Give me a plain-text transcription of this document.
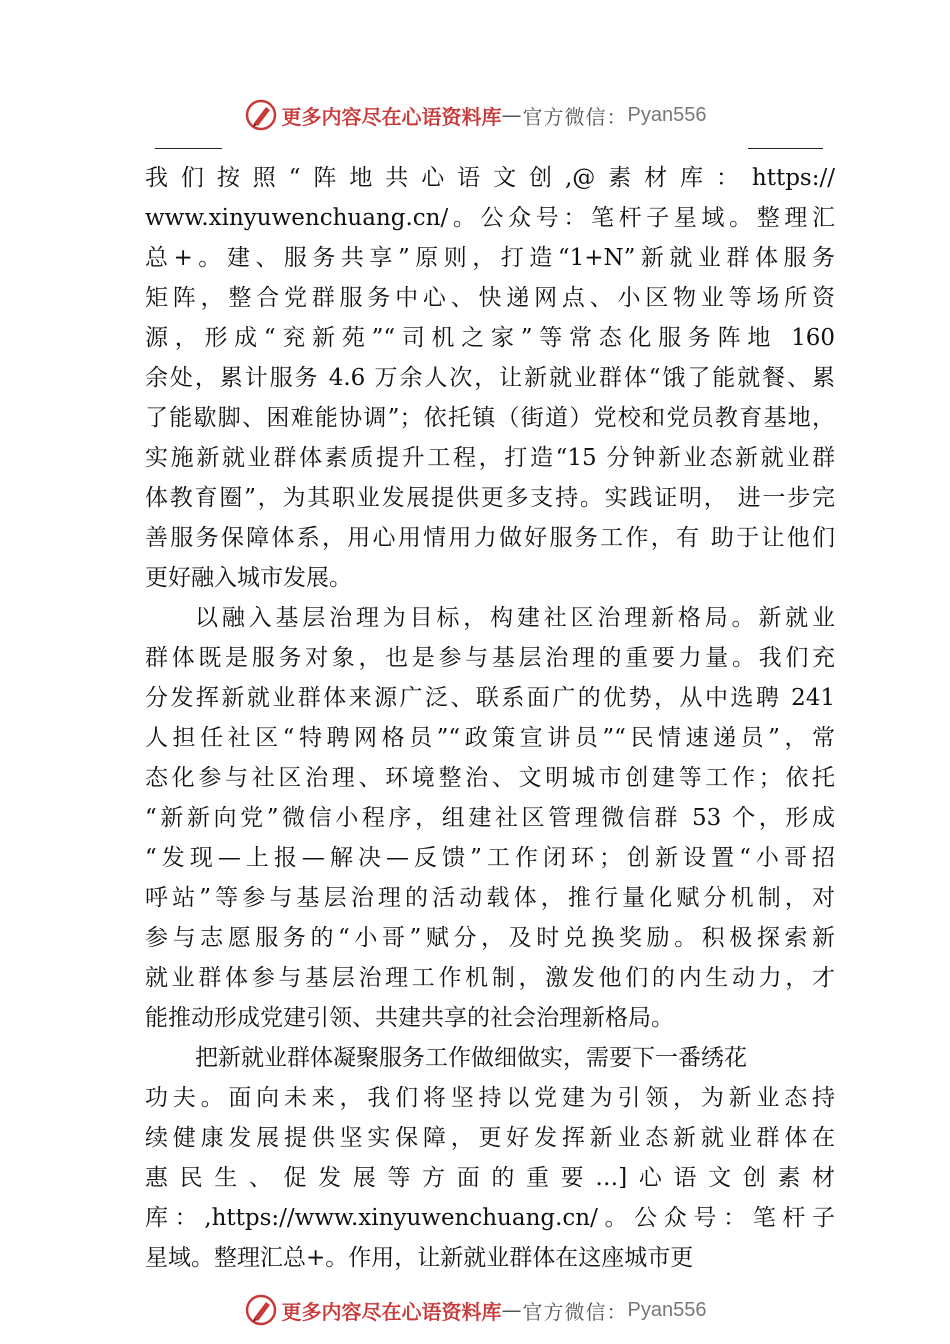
更多内容尽在心语资料库 — 官方微信： Pyan556
我们按照“阵地共心语文创,@素材库：https://
www.xinyuwenchuang.cn/。公众号：笔杆子星域。整理汇
总+。建、服务共享”原则，打造“1+N”新就业群体服务
矩阵，整合党群服务中心、快递网点、小区物业等场所资
源，形成“兖新苑”“司机之家”等常态化服务阵地 160
余处，累计服务 4.6 万余人次，让新就业群体“饿了能就餐、累
了能歇脚、困难能协调”；依托镇（街道）党校和党员教育基地，
实施新就业群体素质提升工程，打造“15 分钟新业态新就业群
体教育圈”，为其职业发展提供更多支持。实践证明， 进一步完
善服务保障体系，用心用情用力做好服务工作，有 助于让他们
更好融入城市发展。
以融入基层治理为目标，构建社区治理新格局。新就业
群体既是服务对象，也是参与基层治理的重要力量。我们充
分发挥新就业群体来源广泛、联系面广的优势，从中选聘 241
人担任社区“特聘网格员”“政策宣讲员”“民情速递员”，常
态化参与社区治理、环境整治、文明城市创建等工作；依托
“新新向党”微信小程序，组建社区管理微信群 53 个，形成
“发现—上报—解决—反馈”工作闭环；创新设置“小哥招
呼站”等参与基层治理的活动载体，推行量化赋分机制，对
参与志愿服务的“小哥”赋分，及时兑换奖励。积极探索新
就业群体参与基层治理工作机制，激发他们的内生动力，才
能推动形成党建引领、共建共享的社会治理新格局。
把新就业群体凝聚服务工作做细做实，需要下一番绣花
功夫。面向未来，我们将坚持以党建为引领，为新业态持
续健康发展提供坚实保障，更好发挥新业态新就业群体在
惠民生、促发展等方面的重要…]心语文创素材
库：,https://www.xinyuwenchuang.cn/。公众号：笔杆子
星域。整理汇总+。作用，让新就业群体在这座城市更
更多内容尽在心语资料库 — 官方微信： Pyan556
